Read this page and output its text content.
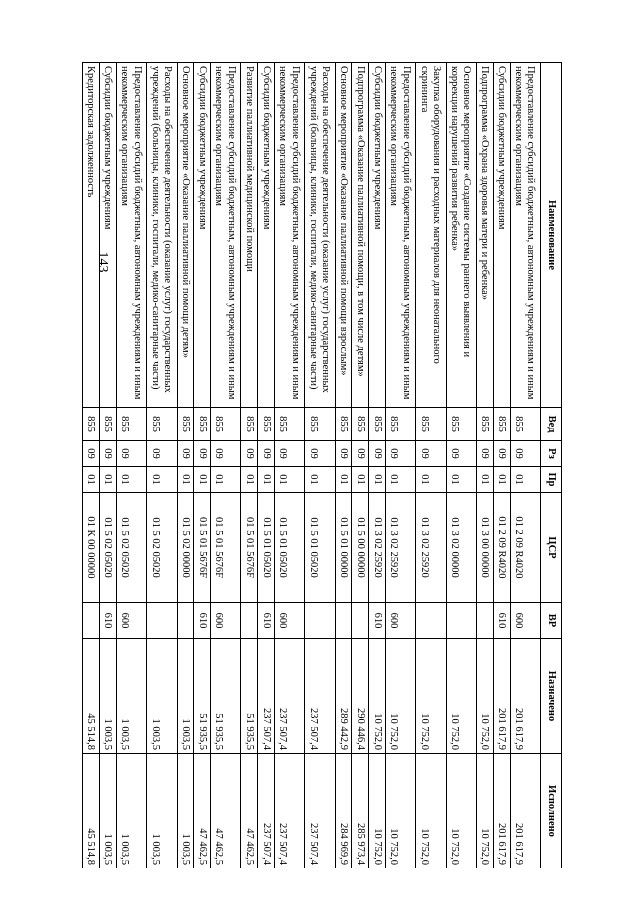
143	Наименование	Вед	Рз	Пр	ЦСР	ВР	Назначено	Исполнено
Предоставление субсидий бюджетным, автономным учреждениям и иным некоммерческим организациям	855	09	01	01 2 09 R4020	600	201 617,9	201 617,9
Субсидии бюджетным учреждениям	855	09	01	01 2 09 R4020	610	201 617,9	201 617,9
Подпрограмма «Охрана здоровья матери и ребенка»	855	09	01	01 3 00 00000		10 752,0	10 752,0
Основное мероприятие «Создание системы раннего выявления и коррекции нарушений развития ребенка»	855	09	01	01 3 02 00000		10 752,0	10 752,0
Закупка оборудования и расходных материалов для неонатального скрининга	855	09	01	01 3 02 25920		10 752,0	10 752,0
Предоставление субсидий бюджетным, автономным учреждениям и иным некоммерческим организациям	855	09	01	01 3 02 25920	600	10 752,0	10 752,0
Субсидии бюджетным учреждениям	855	09	01	01 3 02 25920	610	10 752,0	10 752,0
Подпрограмма «Оказание паллиативной помощи, в том числе детям»	855	09	01	01 5 00 00000		290 446,4	285 973,4
Основное мероприятие «Оказание паллиативной помощи взрослым»	855	09	01	01 5 01 00000		289 442,9	284 969,9
Расходы на обеспечение деятельности (оказание услуг) государственных учреждений (больницы, клиники, госпитали, медико-санитарные части)	855	09	01	01 5 01 05020		237 507,4	237 507,4
Предоставление субсидий бюджетным, автономным учреждениям и иным некоммерческим организациям	855	09	01	01 5 01 05020	600	237 507,4	237 507,4
Субсидии бюджетным учреждениям	855	09	01	01 5 01 05020	610	237 507,4	237 507,4
Развитие паллиативной медицинской помощи	855	09	01	01 5 01 5676F		51 935,5	47 462,5
Предоставление субсидий бюджетным, автономным учреждениям и иным некоммерческим организациям	855	09	01	01 5 01 5676F	600	51 935,5	47 462,5
Субсидии бюджетным учреждениям	855	09	01	01 5 01 5676F	610	51 935,5	47 462,5
Основное мероприятие «Оказание паллиативной помощи детям»	855	09	01	01 5 02 00000		1 003,5	1 003,5
Расходы на обеспечение деятельности (оказание услуг) государственных учреждений (больницы, клиники, госпитали, медико-санитарные части)	855	09	01	01 5 02 05020		1 003,5	1 003,5
Предоставление субсидий бюджетным, автономным учреждениям и иным некоммерческим организациям	855	09	01	01 5 02 05020	600	1 003,5	1 003,5
Субсидии бюджетным учреждениям	855	09	01	01 5 02 05020	610	1 003,5	1 003,5
Кредиторская задолженность	855	09	01	01 К 00 00000		45 514,8	45 514,8
